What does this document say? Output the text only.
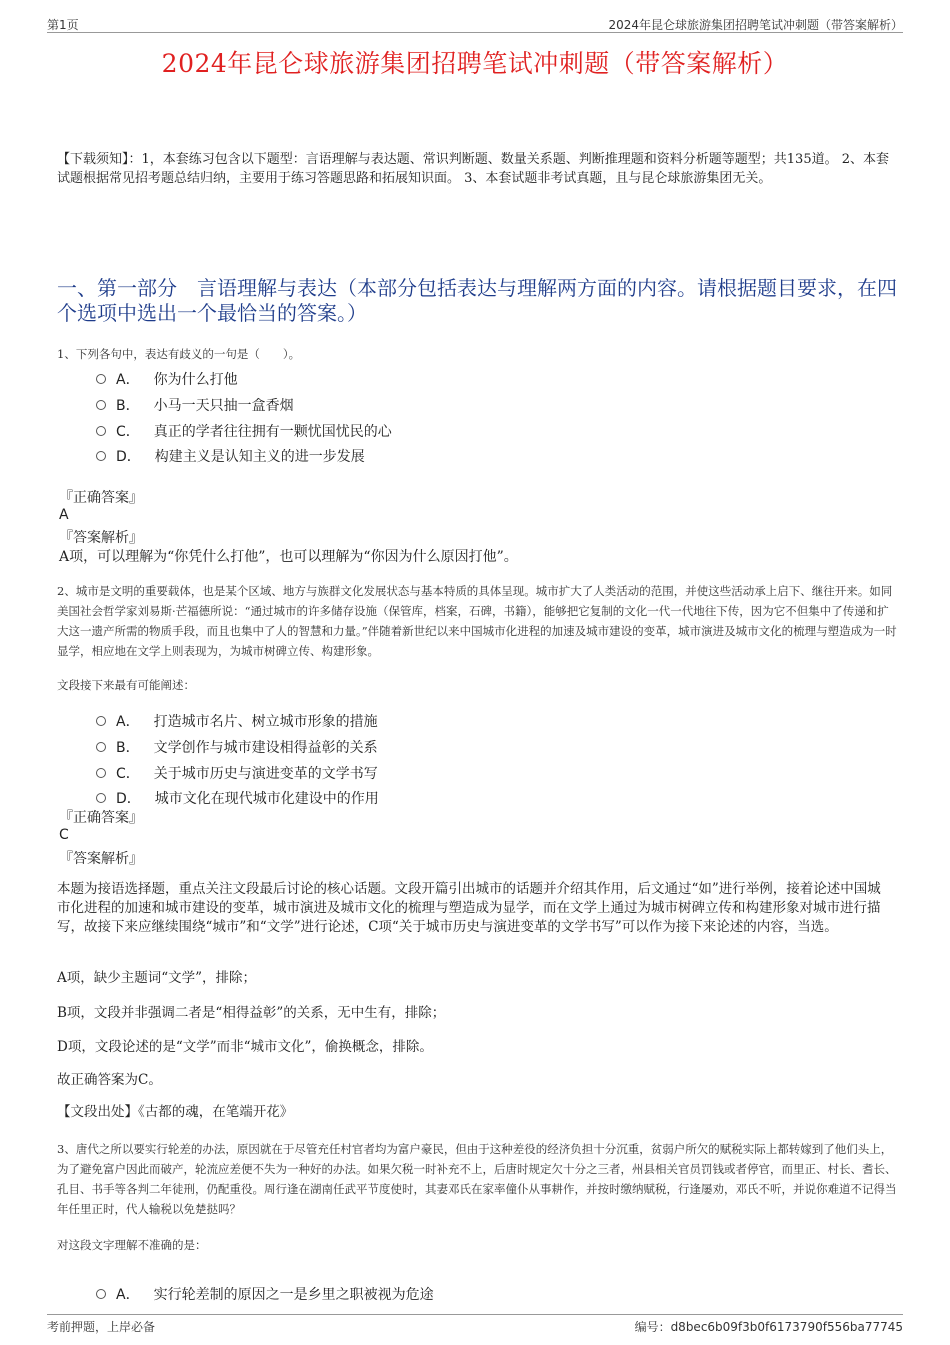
第1页	2024年昆仑球旅游集团招聘笔试冲刺题（带答案解析）
2024年昆仑球旅游集团招聘笔试冲刺题（带答案解析）
【下载须知】：1，本套练习包含以下题型：言语理解与表达题、常识判断题、数量关系题、判断推理题和资料分析题等题型；共135道。 2、本套试题根据常见招考题总结归纳，主要用于练习答题思路和拓展知识面。 3、本套试题非考试真题，且与昆仑球旅游集团无关。
一、第一部分　言语理解与表达（本部分包括表达与理解两方面的内容。请根据题目要求，在四个选项中选出一个最恰当的答案。）
1、下列各句中，表达有歧义的一句是（　　）。
A． 你为什么打他
B． 小马一天只抽一盒香烟
C． 真正的学者往往拥有一颗忧国忧民的心
D． 构建主义是认知主义的进一步发展
『正确答案』
A
『答案解析』
A项，可以理解为“你凭什么打他”，也可以理解为“你因为什么原因打他”。
2、城市是文明的重要载体，也是某个区域、地方与族群文化发展状态与基本特质的具体呈现。城市扩大了人类活动的范围，并使这些活动承上启下、继往开来。如同美国社会哲学家刘易斯·芒福德所说：“通过城市的许多储存设施（保管库，档案，石碑，书籍），能够把它复制的文化一代一代地往下传，因为它不但集中了传递和扩大这一遗产所需的物质手段，而且也集中了人的智慧和力量。”伴随着新世纪以来中国城市化进程的加速及城市建设的变革，城市演进及城市文化的梳理与塑造成为一时显学，相应地在文学上则表现为，为城市树碑立传、构建形象。
文段接下来最有可能阐述：
A． 打造城市名片、树立城市形象的措施
B． 文学创作与城市建设相得益彰的关系
C． 关于城市历史与演进变革的文学书写
D． 城市文化在现代城市化建设中的作用
『正确答案』
C
『答案解析』
本题为接语选择题，重点关注文段最后讨论的核心话题。文段开篇引出城市的话题并介绍其作用，后文通过“如”进行举例，接着论述中国城市化进程的加速和城市建设的变革，城市演进及城市文化的梳理与塑造成为显学，而在文学上通过为城市树碑立传和构建形象对城市进行描写，故接下来应继续围绕“城市”和“文学”进行论述，C项“关于城市历史与演进变革的文学书写”可以作为接下来论述的内容，当选。
A项，缺少主题词“文学”，排除；
B项，文段并非强调二者是“相得益彰”的关系，无中生有，排除；
D项，文段论述的是“文学”而非“城市文化”，偷换概念，排除。
故正确答案为C。
【文段出处】《古都的魂，在笔端开花》
3、唐代之所以要实行轮差的办法，原因就在于尽管充任村官者均为富户豪民，但由于这种差役的经济负担十分沉重，贫弱户所欠的赋税实际上都转嫁到了他们头上，为了避免富户因此而破产，轮流应差便不失为一种好的办法。如果欠税一时补充不上，后唐时规定欠十分之三者，州县相关官员罚钱或者停官，而里正、村长、耆长、孔目、书手等各判二年徒刑，仍配重役。周行逢在湖南任武平节度使时，其妻邓氏在家率僮仆从事耕作，并按时缴纳赋税，行逢屡劝，邓氏不听，并说你难道不记得当年任里正时，代人输税以免楚挞吗？
对这段文字理解不准确的是：
A． 实行轮差制的原因之一是乡里之职被视为危途
考前押题，上岸必备	编号：d8bec6b09f3b0f6173790f556ba77745
